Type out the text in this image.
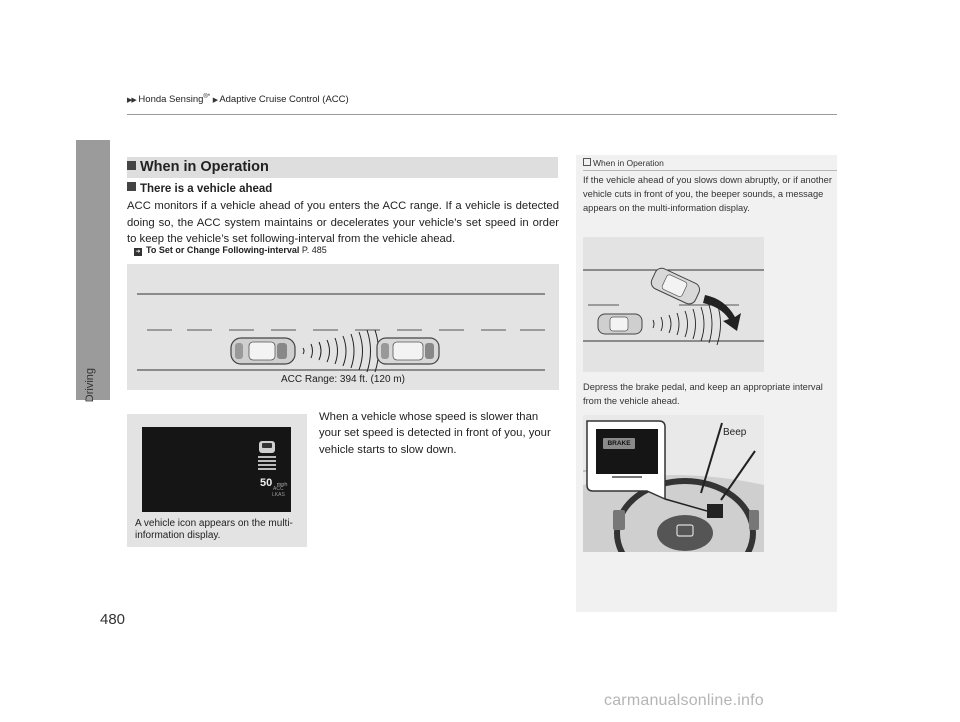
▶▶ Honda Sensing®* ▶ Adaptive Cruise Control (ACC)
Driving
480
When in Operation
There is a vehicle ahead
ACC monitors if a vehicle ahead of you enters the ACC range. If a vehicle is detected doing so, the ACC system maintains or decelerates your vehicle’s set speed in order to keep the vehicle’s set following-interval from the vehicle ahead.
➜ To Set or Change Following-interval P. 485
ACC Range: 394 ft. (120 m)
50 mph
ACC
LKAS
A vehicle icon appears on the multi-information display.
When a vehicle whose speed is slower than your set speed is detected in front of you, your vehicle starts to slow down.
When in Operation
If the vehicle ahead of you slows down abruptly, or if another vehicle cuts in front of you, the beeper sounds, a message appears on the multi-information display.
Depress the brake pedal, and keep an appropriate interval from the vehicle ahead.
BRAKE
Beep
carmanualsonline.info
